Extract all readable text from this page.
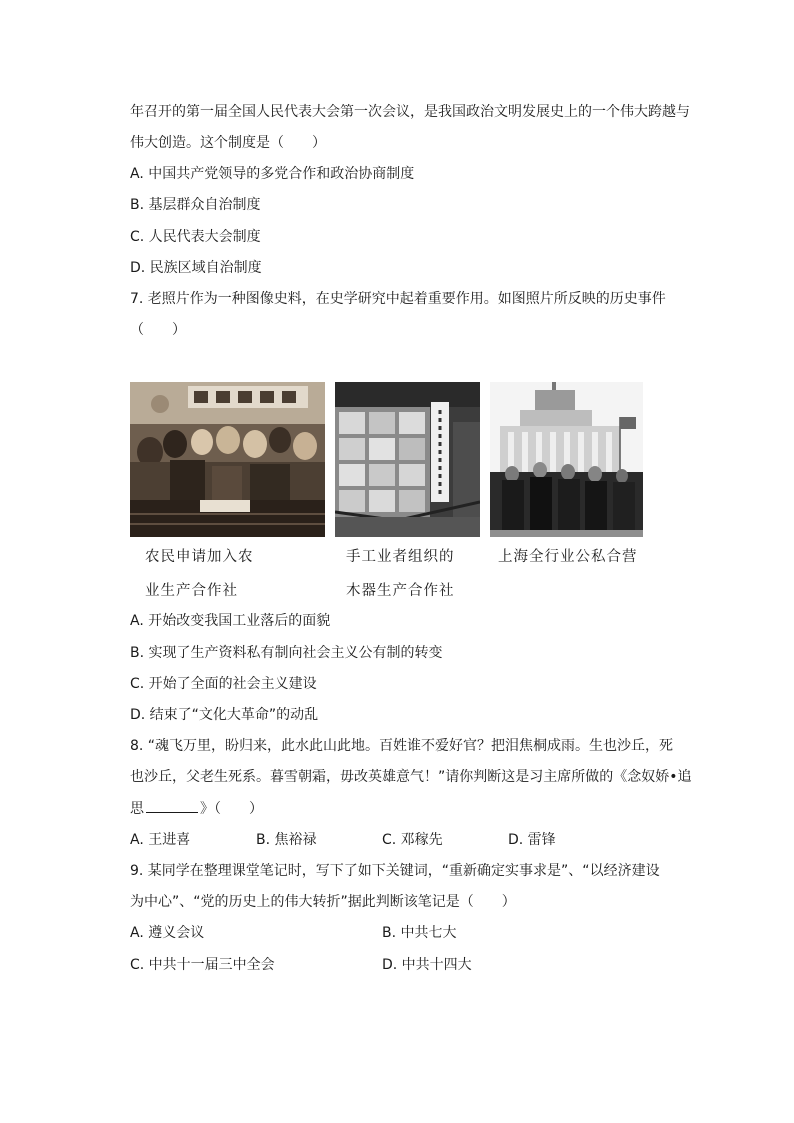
年召开的第一届全国人民代表大会第一次会议，是我国政治文明发展史上的一个伟大跨越与
伟大创造。这个制度是（　　）
A. 中国共产党领导的多党合作和政治协商制度
B. 基层群众自治制度
C. 人民代表大会制度
D. 民族区域自治制度
7. 老照片作为一种图像史料，在史学研究中起着重要作用。如图照片所反映的历史事件
（　　）
农民申请加入农
业生产合作社
手工业者组织的
木器生产合作社
上海全行业公私合营
A. 开始改变我国工业落后的面貌
B. 实现了生产资料私有制向社会主义公有制的转变
C. 开始了全面的社会主义建设
D. 结束了“文化大革命”的动乱
8. “魂飞万里，盼归来，此水此山此地。百姓谁不爱好官？把泪焦桐成雨。生也沙丘，死
也沙丘，父老生死系。暮雪朝霜，毋改英雄意气！”请你判断这是习主席所做的《念奴娇•追
思	》（　　）
A. 王进喜	B. 焦裕禄	C. 邓稼先	D. 雷锋
9. 某同学在整理课堂笔记时，写下了如下关键词，“重新确定实事求是”、“以经济建设
为中心”、“党的历史上的伟大转折”据此判断该笔记是（　　）
A. 遵义会议	B. 中共七大
C. 中共十一届三中全会	D. 中共十四大
